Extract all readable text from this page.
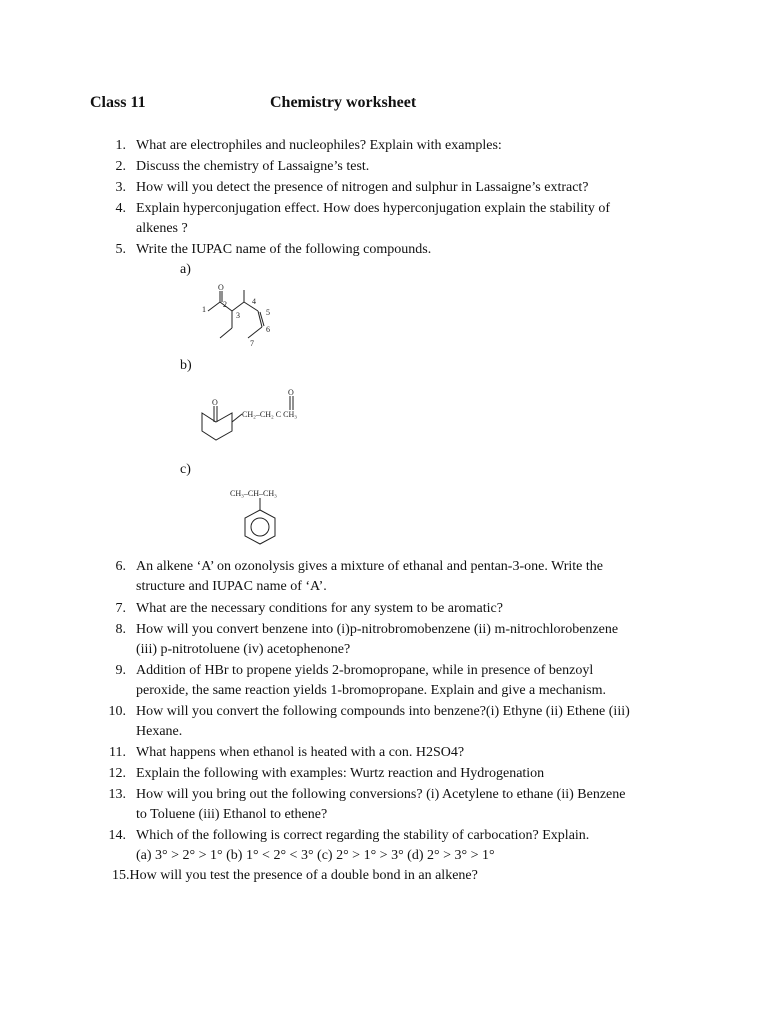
Class 11	Chemistry worksheet
1. What are electrophiles and nucleophiles? Explain with examples:
2. Discuss the chemistry of Lassaigne’s test.
3. How will you detect the presence of nitrogen and sulphur in Lassaigne’s extract?
4. Explain hyperconjugation effect. How does hyperconjugation explain the stability of
alkenes ?
5. Write the IUPAC name of the following compounds.
6. An alkene ‘A’ on ozonolysis gives a mixture of ethanal and pentan-3-one. Write the
structure and IUPAC name of ‘A’.
7. What are the necessary conditions for any system to be aromatic?
8. How will you convert benzene into (i)p-nitrobromobenzene (ii) m-nitrochlorobenzene
(iii) p-nitrotoluene (iv) acetophenone?
9. Addition of HBr to propene yields 2-bromopropane, while in presence of benzoyl
peroxide, the same reaction yields 1-bromopropane. Explain and give a mechanism.
10. How will you convert the following compounds into benzene?(i) Ethyne (ii) Ethene (iii)
Hexane.
11. What happens when ethanol is heated with a con. H2SO4?
12. Explain the following with examples: Wurtz reaction and Hydrogenation
13. How will you bring out the following conversions? (i) Acetylene to ethane (ii) Benzene
to Toluene (iii) Ethanol to ethene?
14. Which of the following is correct regarding the stability of carbocation? Explain.
(a) 3° > 2° > 1° (b) 1° < 2° < 3° (c) 2° > 1° > 3° (d) 2° > 3° > 1°
15.How will you test the presence of a double bond in an alkene?
a)
b)
c)
O
1
2
3
4
5
6
7
O
O
CH₂–CH₂ C CH₃
CH₃–CH–CH₃
